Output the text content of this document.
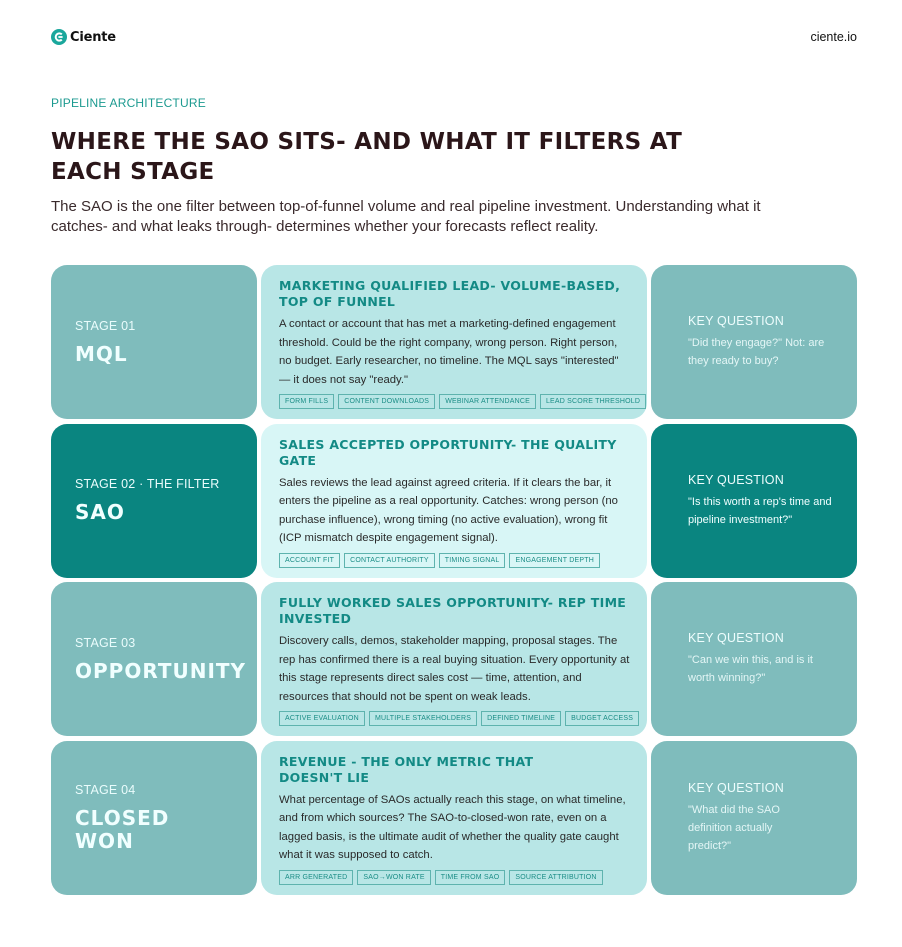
Ciente	ciente.io
PIPELINE ARCHITECTURE
WHERE THE SAO SITS- AND WHAT IT FILTERS AT EACH STAGE

The SAO is the one filter between top-of-funnel volume and real pipeline investment. Understanding what it catches- and what leaks through- determines whether your forecasts reflect reality.

STAGE 01
MQL
MARKETING QUALIFIED LEAD- VOLUME-BASED, TOP OF FUNNEL
A contact or account that has met a marketing-defined engagement threshold. Could be the right company, wrong person. Right person, no budget. Early researcher, no timeline. The MQL says "interested" — it does not say "ready."
FORM FILLS	CONTENT DOWNLOADS	WEBINAR ATTENDANCE	LEAD SCORE THRESHOLD
KEY QUESTION
"Did they engage?" Not: are they ready to buy?
STAGE 02 · THE FILTER
SAO
SALES ACCEPTED OPPORTUNITY- THE QUALITY GATE
Sales reviews the lead against agreed criteria. If it clears the bar, it enters the pipeline as a real opportunity. Catches: wrong person (no purchase influence), wrong timing (no active evaluation), wrong fit (ICP mismatch despite engagement signal).
ACCOUNT FIT	CONTACT AUTHORITY	TIMING SIGNAL	ENGAGEMENT DEPTH
KEY QUESTION
"Is this worth a rep's time and pipeline investment?"
STAGE 03
OPPORTUNITY
FULLY WORKED SALES OPPORTUNITY- REP TIME INVESTED
Discovery calls, demos, stakeholder mapping, proposal stages. The rep has confirmed there is a real buying situation. Every opportunity at this stage represents direct sales cost — time, attention, and resources that should not be spent on weak leads.
ACTIVE EVALUATION	MULTIPLE STAKEHOLDERS	DEFINED TIMELINE	BUDGET ACCESS
KEY QUESTION
"Can we win this, and is it worth winning?"
STAGE 04
CLOSED WON
REVENUE - THE ONLY METRIC THAT DOESN'T LIE
What percentage of SAOs actually reach this stage, on what timeline, and from which sources? The SAO-to-closed-won rate, even on a lagged basis, is the ultimate audit of whether the quality gate caught what it was supposed to catch.
ARR GENERATED	SAO→WON RATE	TIME FROM SAO	SOURCE ATTRIBUTION
KEY QUESTION
"What did the SAO definition actually predict?"
